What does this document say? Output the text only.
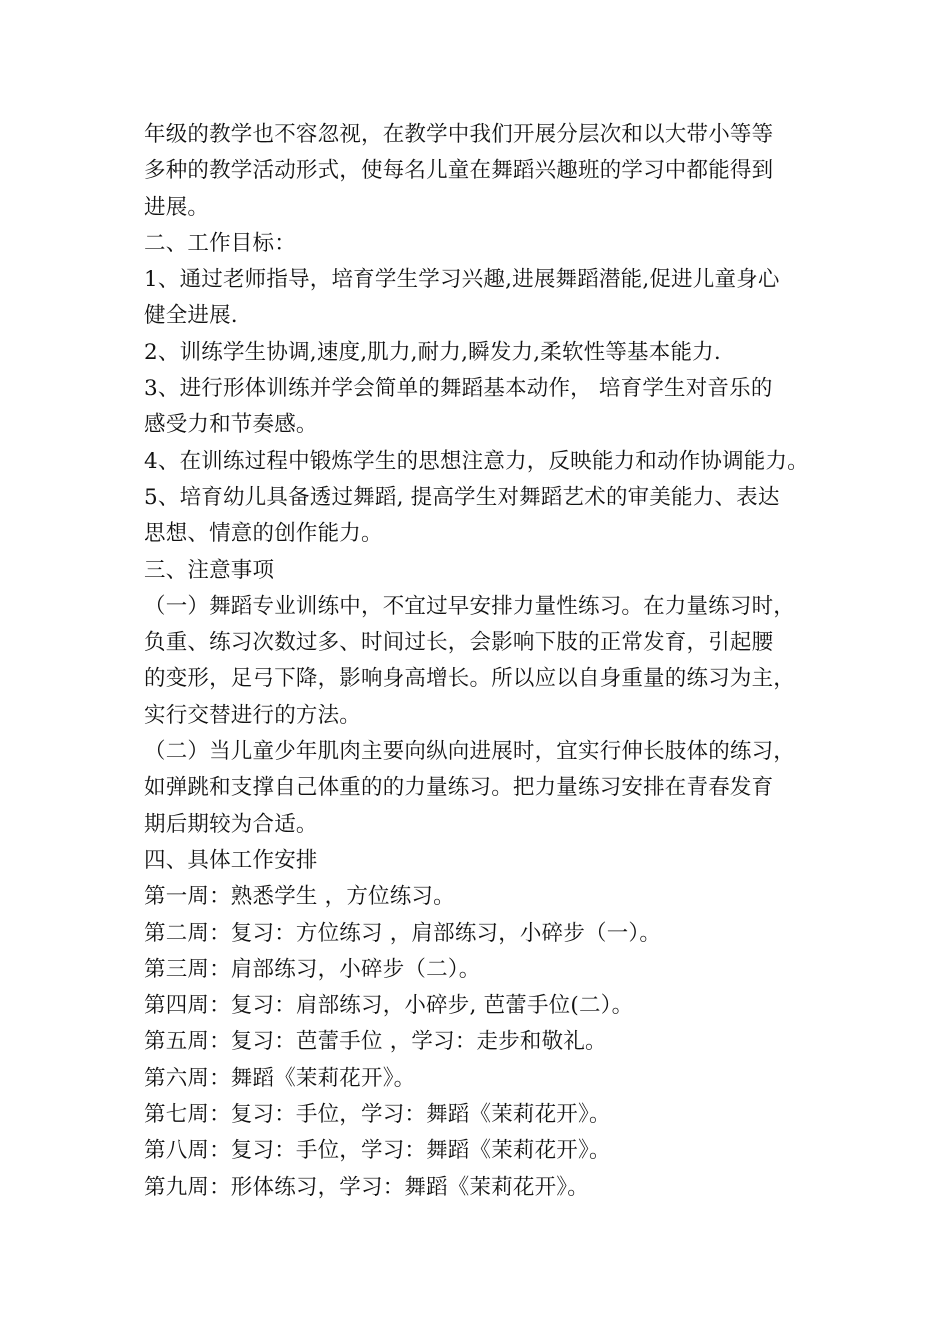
年级的教学也不容忽视，在教学中我们开展分层次和以大带小等等
多种的教学活动形式，使每名儿童在舞蹈兴趣班的学习中都能得到
进展。
二、工作目标：
1、通过老师指导，培育学生学习兴趣,进展舞蹈潜能,促进儿童身心
健全进展.
2、训练学生协调,速度,肌力,耐力,瞬发力,柔软性等基本能力.
3、进行形体训练并学会简单的舞蹈基本动作， 培育学生对音乐的
感受力和节奏感。
4、在训练过程中锻炼学生的思想注意力，反映能力和动作协调能力。
5、培育幼儿具备透过舞蹈, 提高学生对舞蹈艺术的审美能力、表达
思想、情意的创作能力。
三、注意事项
（一）舞蹈专业训练中，不宜过早安排力量性练习。在力量练习时，
负重、练习次数过多、时间过长，会影响下肢的正常发育，引起腰
的变形，足弓下降，影响身高增长。所以应以自身重量的练习为主，
实行交替进行的方法。
（二）当儿童少年肌肉主要向纵向进展时，宜实行伸长肢体的练习，
如弹跳和支撑自己体重的的力量练习。把力量练习安排在青春发育
期后期较为合适。
四、具体工作安排
第一周：熟悉学生 ，方位练习。
第二周：复习：方位练习 ，肩部练习，小碎步（一）。
第三周：肩部练习，小碎步（二）。
第四周：复习：肩部练习，小碎步, 芭蕾手位(二）。
第五周：复习：芭蕾手位 ，学习：走步和敬礼。
第六周：舞蹈《茉莉花开》。
第七周：复习：手位，学习：舞蹈《茉莉花开》。
第八周：复习：手位，学习：舞蹈《茉莉花开》。
第九周：形体练习，学习：舞蹈《茉莉花开》。
